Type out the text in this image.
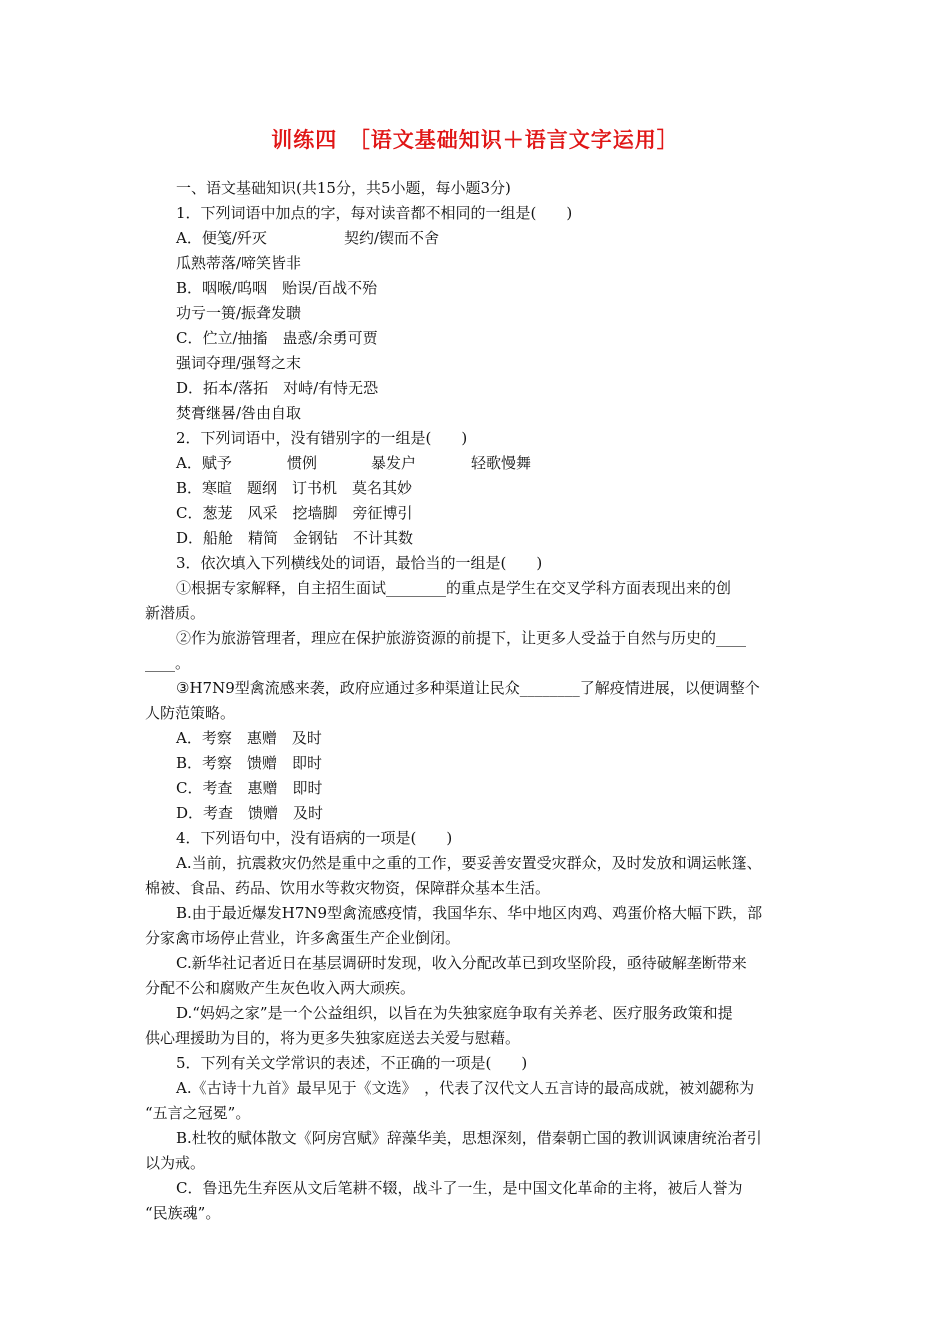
训练四　［语文基础知识＋语言文字运用］
一、语文基础知识(共15分，共5小题，每小题3分)
1．下列词语中加点的字，每对读音都不相同的一组是(　　)
A．便笺/歼灭	契约/锲而不舍
瓜熟蒂落/啼笑皆非
B．咽喉/呜咽　贻误/百战不殆
功亏一篑/振聋发聩
C．伫立/抽搐　蛊惑/余勇可贾
强词夺理/强弩之末
D．拓本/落拓　对峙/有恃无恐
焚膏继晷/咎由自取
2．下列词语中，没有错别字的一组是(　　)
A．赋予	惯例	暴发户	轻歌慢舞
B．寒暄　题纲　订书机　莫名其妙
C．葱茏　风采　挖墙脚　旁征博引
D．船舱　精简　金钢钻　不计其数
3．依次填入下列横线处的词语，最恰当的一组是(　　)
①根据专家解释，自主招生面试________的重点是学生在交叉学科方面表现出来的创
新潜质。
②作为旅游管理者，理应在保护旅游资源的前提下，让更多人受益于自然与历史的____
____。
③H7N9型禽流感来袭，政府应通过多种渠道让民众________了解疫情进展，以便调整个
人防范策略。
A．考察　惠赠　及时
B．考察　馈赠　即时
C．考查　惠赠　即时
D．考查　馈赠　及时
4．下列语句中，没有语病的一项是(　　)
A.当前，抗震救灾仍然是重中之重的工作，要妥善安置受灾群众，及时发放和调运帐篷、
棉被、食品、药品、饮用水等救灾物资，保障群众基本生活。
B.由于最近爆发H7N9型禽流感疫情，我国华东、华中地区肉鸡、鸡蛋价格大幅下跌，部
分家禽市场停止营业，许多禽蛋生产企业倒闭。
C.新华社记者近日在基层调研时发现，收入分配改革已到攻坚阶段，亟待破解垄断带来
分配不公和腐败产生灰色收入两大顽疾。
D.“妈妈之家”是一个公益组织，以旨在为失独家庭争取有关养老、医疗服务政策和提
供心理援助为目的，将为更多失独家庭送去关爱与慰藉。
5．下列有关文学常识的表述，不正确的一项是(　　)
A.《古诗十九首》最早见于《文选》　，代表了汉代文人五言诗的最高成就，被刘勰称为
“五言之冠冕”。
B.杜牧的赋体散文《阿房宫赋》辞藻华美，思想深刻，借秦朝亡国的教训讽谏唐统治者引
以为戒。
C．鲁迅先生弃医从文后笔耕不辍，战斗了一生，是中国文化革命的主将，被后人誉为
“民族魂”。
